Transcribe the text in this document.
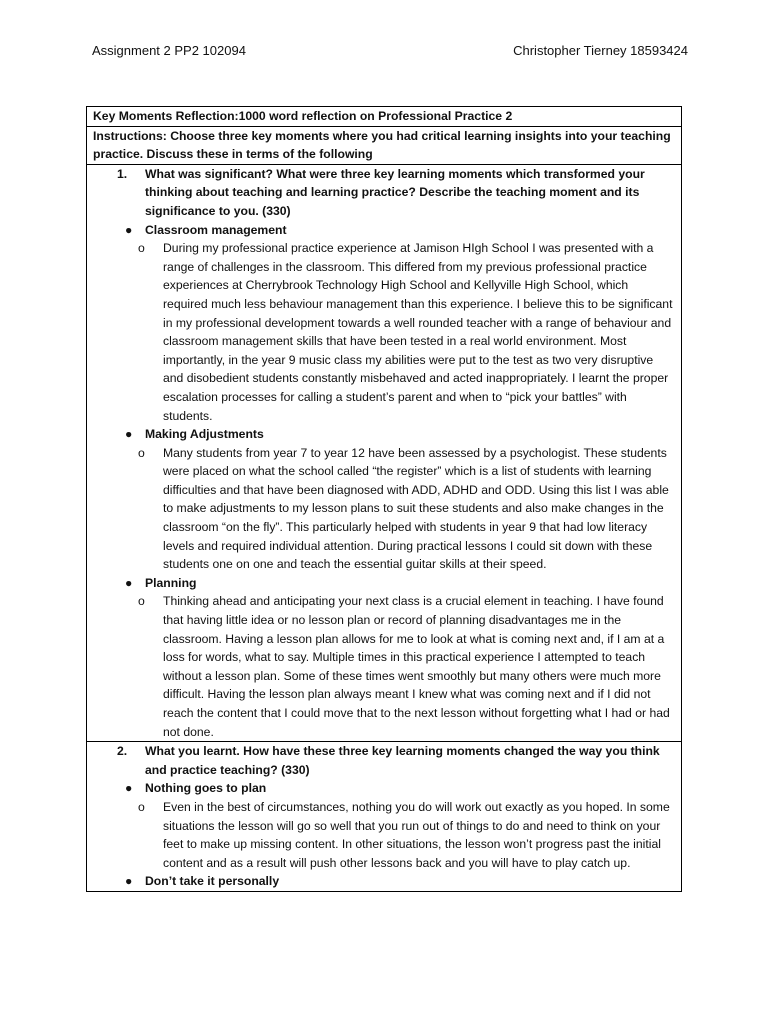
Assignment 2 PP2 102094	Christopher Tierney 18593424
Key Moments Reflection:1000 word reflection on Professional Practice 2
Instructions: Choose three key moments where you had critical learning insights into your teaching practice. Discuss these in terms of the following
1.	What was significant? What were three key learning moments which transformed your thinking about teaching and learning practice? Describe the teaching moment and its significance to you. (330)
●	Classroom management
o	During my professional practice experience at Jamison HIgh School I was presented with a range of challenges in the classroom. This differed from my previous professional practice experiences at Cherrybrook Technology High School and Kellyville High School, which required much less behaviour management than this experience. I believe this to be significant in my professional development towards a well rounded teacher with a range of behaviour and classroom management skills that have been tested in a real world environment. Most importantly, in the year 9 music class my abilities were put to the test as two very disruptive and disobedient students constantly misbehaved and acted inappropriately. I learnt the proper escalation processes for calling a student’s parent and when to “pick your battles” with students.
●	Making Adjustments
o	Many students from year 7 to year 12 have been assessed by a psychologist. These students were placed on what the school called “the register” which is a list of students with learning difficulties and that have been diagnosed with ADD, ADHD and ODD. Using this list I was able to make adjustments to my lesson plans to suit these students and also make changes in the classroom “on the fly”. This particularly helped with students in year 9 that had low literacy levels and required individual attention. During practical lessons I could sit down with these students one on one and teach the essential guitar skills at their speed.
●	Planning
o	Thinking ahead and anticipating your next class is a crucial element in teaching. I have found that having little idea or no lesson plan or record of planning disadvantages me in the classroom. Having a lesson plan allows for me to look at what is coming next and, if I am at a loss for words, what to say. Multiple times in this practical experience I attempted to teach without a lesson plan. Some of these times went smoothly but many others were much more difficult. Having the lesson plan always meant I knew what was coming next and if I did not reach the content that I could move that to the next lesson without forgetting what I had or had not done.
2.	What you learnt. How have these three key learning moments changed the way you think and practice teaching? (330)
●	Nothing goes to plan
o	Even in the best of circumstances, nothing you do will work out exactly as you hoped. In some situations the lesson will go so well that you run out of things to do and need to think on your feet to make up missing content. In other situations, the lesson won’t progress past the initial content and as a result will push other lessons back and you will have to play catch up.
●	Don’t take it personally
